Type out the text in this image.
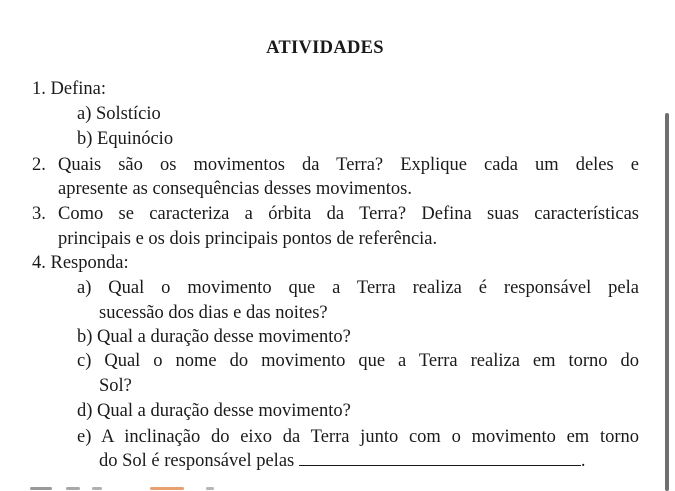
ATIVIDADES
1. Defina:
a) Solstício
b) Equinócio
2. Quais são os movimentos da Terra? Explique cada um deles e
apresente as consequências desses movimentos.
3. Como se caracteriza a órbita da Terra? Defina suas características
principais e os dois principais pontos de referência.
4. Responda:
a) Qual o movimento que a Terra realiza é responsável pela
sucessão dos dias e das noites?
b) Qual a duração desse movimento?
c) Qual o nome do movimento que a Terra realiza em torno do
Sol?
d) Qual a duração desse movimento?
e) A inclinação do eixo da Terra junto com o movimento em torno
do Sol é responsável pelas	.
